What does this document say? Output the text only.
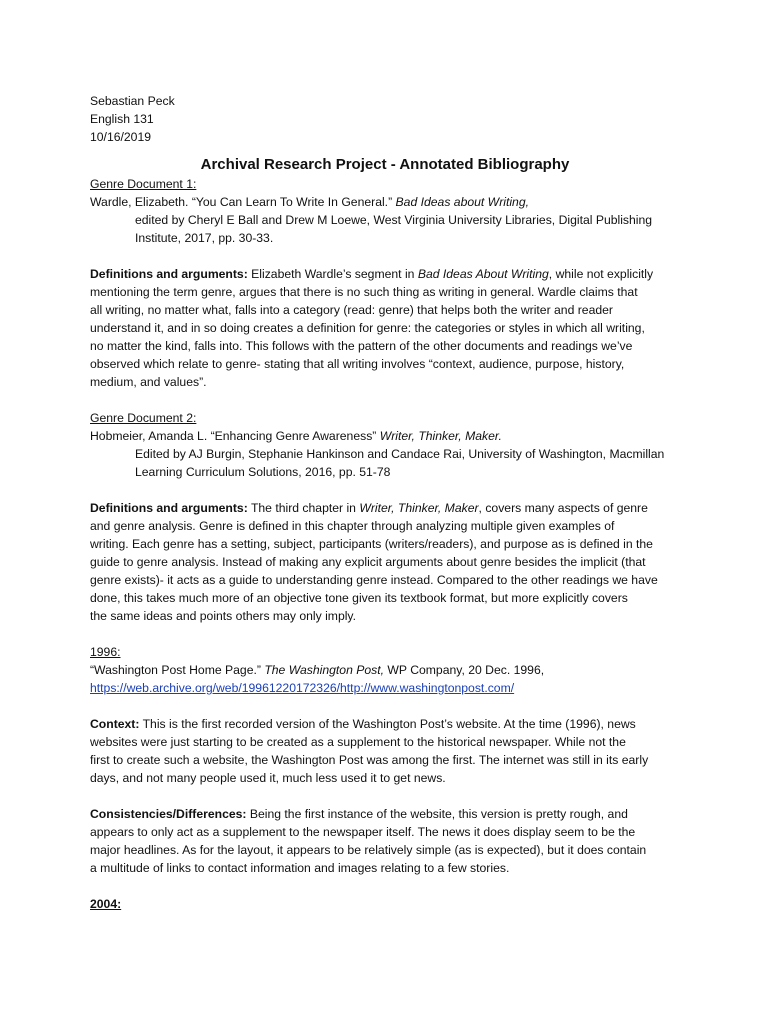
Sebastian Peck
English 131
10/16/2019
Archival Research Project - Annotated Bibliography
Genre Document 1:
Wardle, Elizabeth. “You Can Learn To Write In General.” Bad Ideas about Writing,
edited by Cheryl E Ball and Drew M Loewe, West Virginia University Libraries, Digital Publishing
Institute, 2017, pp. 30-33.
Definitions and arguments: Elizabeth Wardle’s segment in Bad Ideas About Writing, while not explicitly
mentioning the term genre, argues that there is no such thing as writing in general. Wardle claims that
all writing, no matter what, falls into a category (read: genre) that helps both the writer and reader
understand it, and in so doing creates a definition for genre: the categories or styles in which all writing,
no matter the kind, falls into. This follows with the pattern of the other documents and readings we’ve
observed which relate to genre- stating that all writing involves “context, audience, purpose, history,
medium, and values”.
Genre Document 2:
Hobmeier, Amanda L. “Enhancing Genre Awareness” Writer, Thinker, Maker.
Edited by AJ Burgin, Stephanie Hankinson and Candace Rai, University of Washington, Macmillan
Learning Curriculum Solutions, 2016, pp. 51-78
Definitions and arguments: The third chapter in Writer, Thinker, Maker, covers many aspects of genre
and genre analysis. Genre is defined in this chapter through analyzing multiple given examples of
writing. Each genre has a setting, subject, participants (writers/readers), and purpose as is defined in the
guide to genre analysis. Instead of making any explicit arguments about genre besides the implicit (that
genre exists)- it acts as a guide to understanding genre instead. Compared to the other readings we have
done, this takes much more of an objective tone given its textbook format, but more explicitly covers
the same ideas and points others may only imply.
1996:
“Washington Post Home Page.” The Washington Post, WP Company, 20 Dec. 1996,
https://web.archive.org/web/19961220172326/http://www.washingtonpost.com/
Context: This is the first recorded version of the Washington Post’s website. At the time (1996), news
websites were just starting to be created as a supplement to the historical newspaper. While not the
first to create such a website, the Washington Post was among the first. The internet was still in its early
days, and not many people used it, much less used it to get news.
Consistencies/Differences: Being the first instance of the website, this version is pretty rough, and
appears to only act as a supplement to the newspaper itself. The news it does display seem to be the
major headlines. As for the layout, it appears to be relatively simple (as is expected), but it does contain
a multitude of links to contact information and images relating to a few stories.
2004:
